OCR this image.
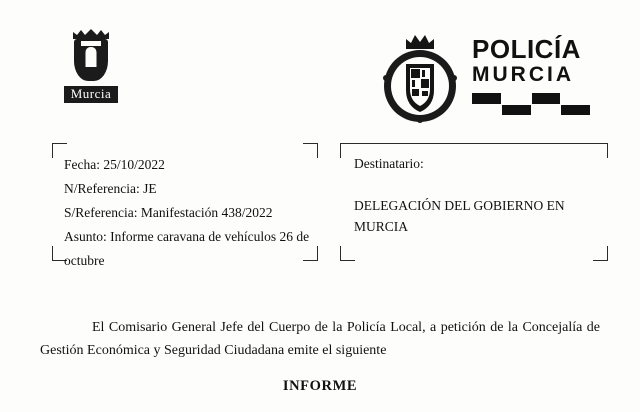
Murcia
POLICÍA
MURCIA
Fecha: 25/10/2022
N/Referencia: JE
S/Referencia: Manifestación 438/2022
Asunto: Informe caravana de vehículos 26 de octubre
Destinatario:
DELEGACIÓN DEL GOBIERNO EN MURCIA

El Comisario General Jefe del Cuerpo de la Policía Local, a petición de la Concejalía de Gestión Económica y Seguridad Ciudadana emite el siguiente

INFORME
